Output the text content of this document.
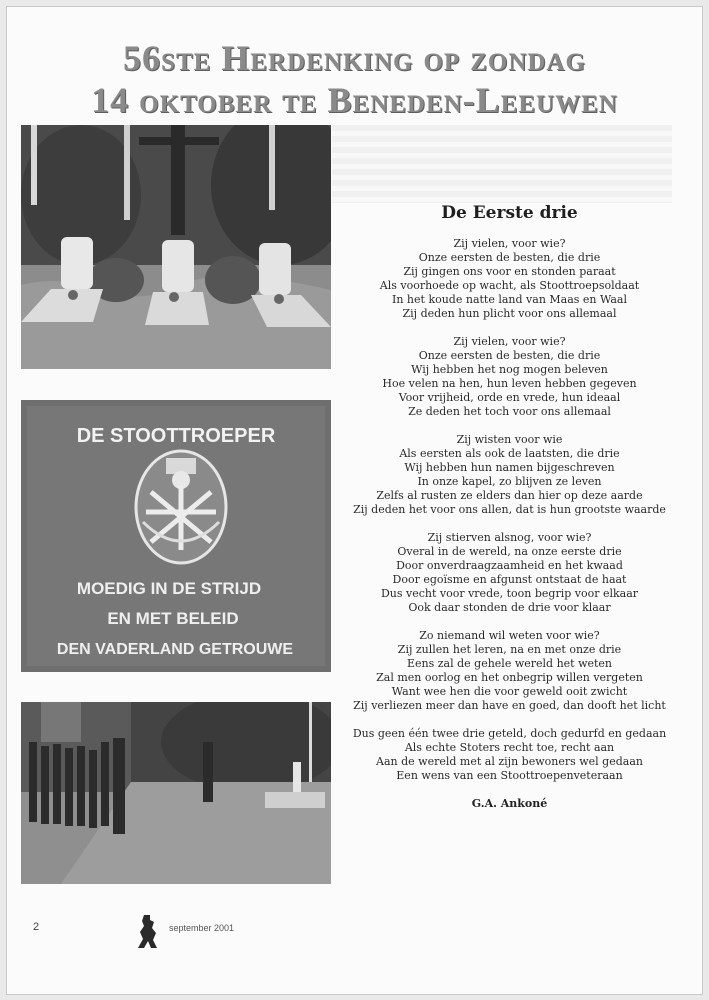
56ste Herdenking op zondag
14 oktober te Beneden-Leeuwen
DE STOOTTROEPER
MOEDIG IN DE STRIJD
EN MET BELEID
DEN VADERLAND GETROUWE
De Eerste drie
Zij vielen, voor wie?
Onze eersten de besten, die drie
Zij gingen ons voor en stonden paraat
Als voorhoede op wacht, als Stoottroepsoldaat
In het koude natte land van Maas en Waal
Zij deden hun plicht voor ons allemaal
Zij vielen, voor wie?
Onze eersten de besten, die drie
Wij hebben het nog mogen beleven
Hoe velen na hen, hun leven hebben gegeven
Voor vrijheid, orde en vrede, hun ideaal
Ze deden het toch voor ons allemaal
Zij wisten voor wie
Als eersten als ook de laatsten, die drie
Wij hebben hun namen bijgeschreven
In onze kapel, zo blijven ze leven
Zelfs al rusten ze elders dan hier op deze aarde
Zij deden het voor ons allen, dat is hun grootste waarde
Zij stierven alsnog, voor wie?
Overal in de wereld, na onze eerste drie
Door onverdraagzaamheid en het kwaad
Door egoïsme en afgunst ontstaat de haat
Dus vecht voor vrede, toon begrip voor elkaar
Ook daar stonden de drie voor klaar
Zo niemand wil weten voor wie?
Zij zullen het leren, na en met onze drie
Eens zal de gehele wereld het weten
Zal men oorlog en het onbegrip willen vergeten
Want wee hen die voor geweld ooit zwicht
Zij verliezen meer dan have en goed, dan dooft het licht
Dus geen één twee drie geteld, doch gedurfd en gedaan
Als echte Stoters recht toe, recht aan
Aan de wereld met al zijn bewoners wel gedaan
Een wens van een Stoottroepenveteraan
G.A. Ankoné
2	september 2001
